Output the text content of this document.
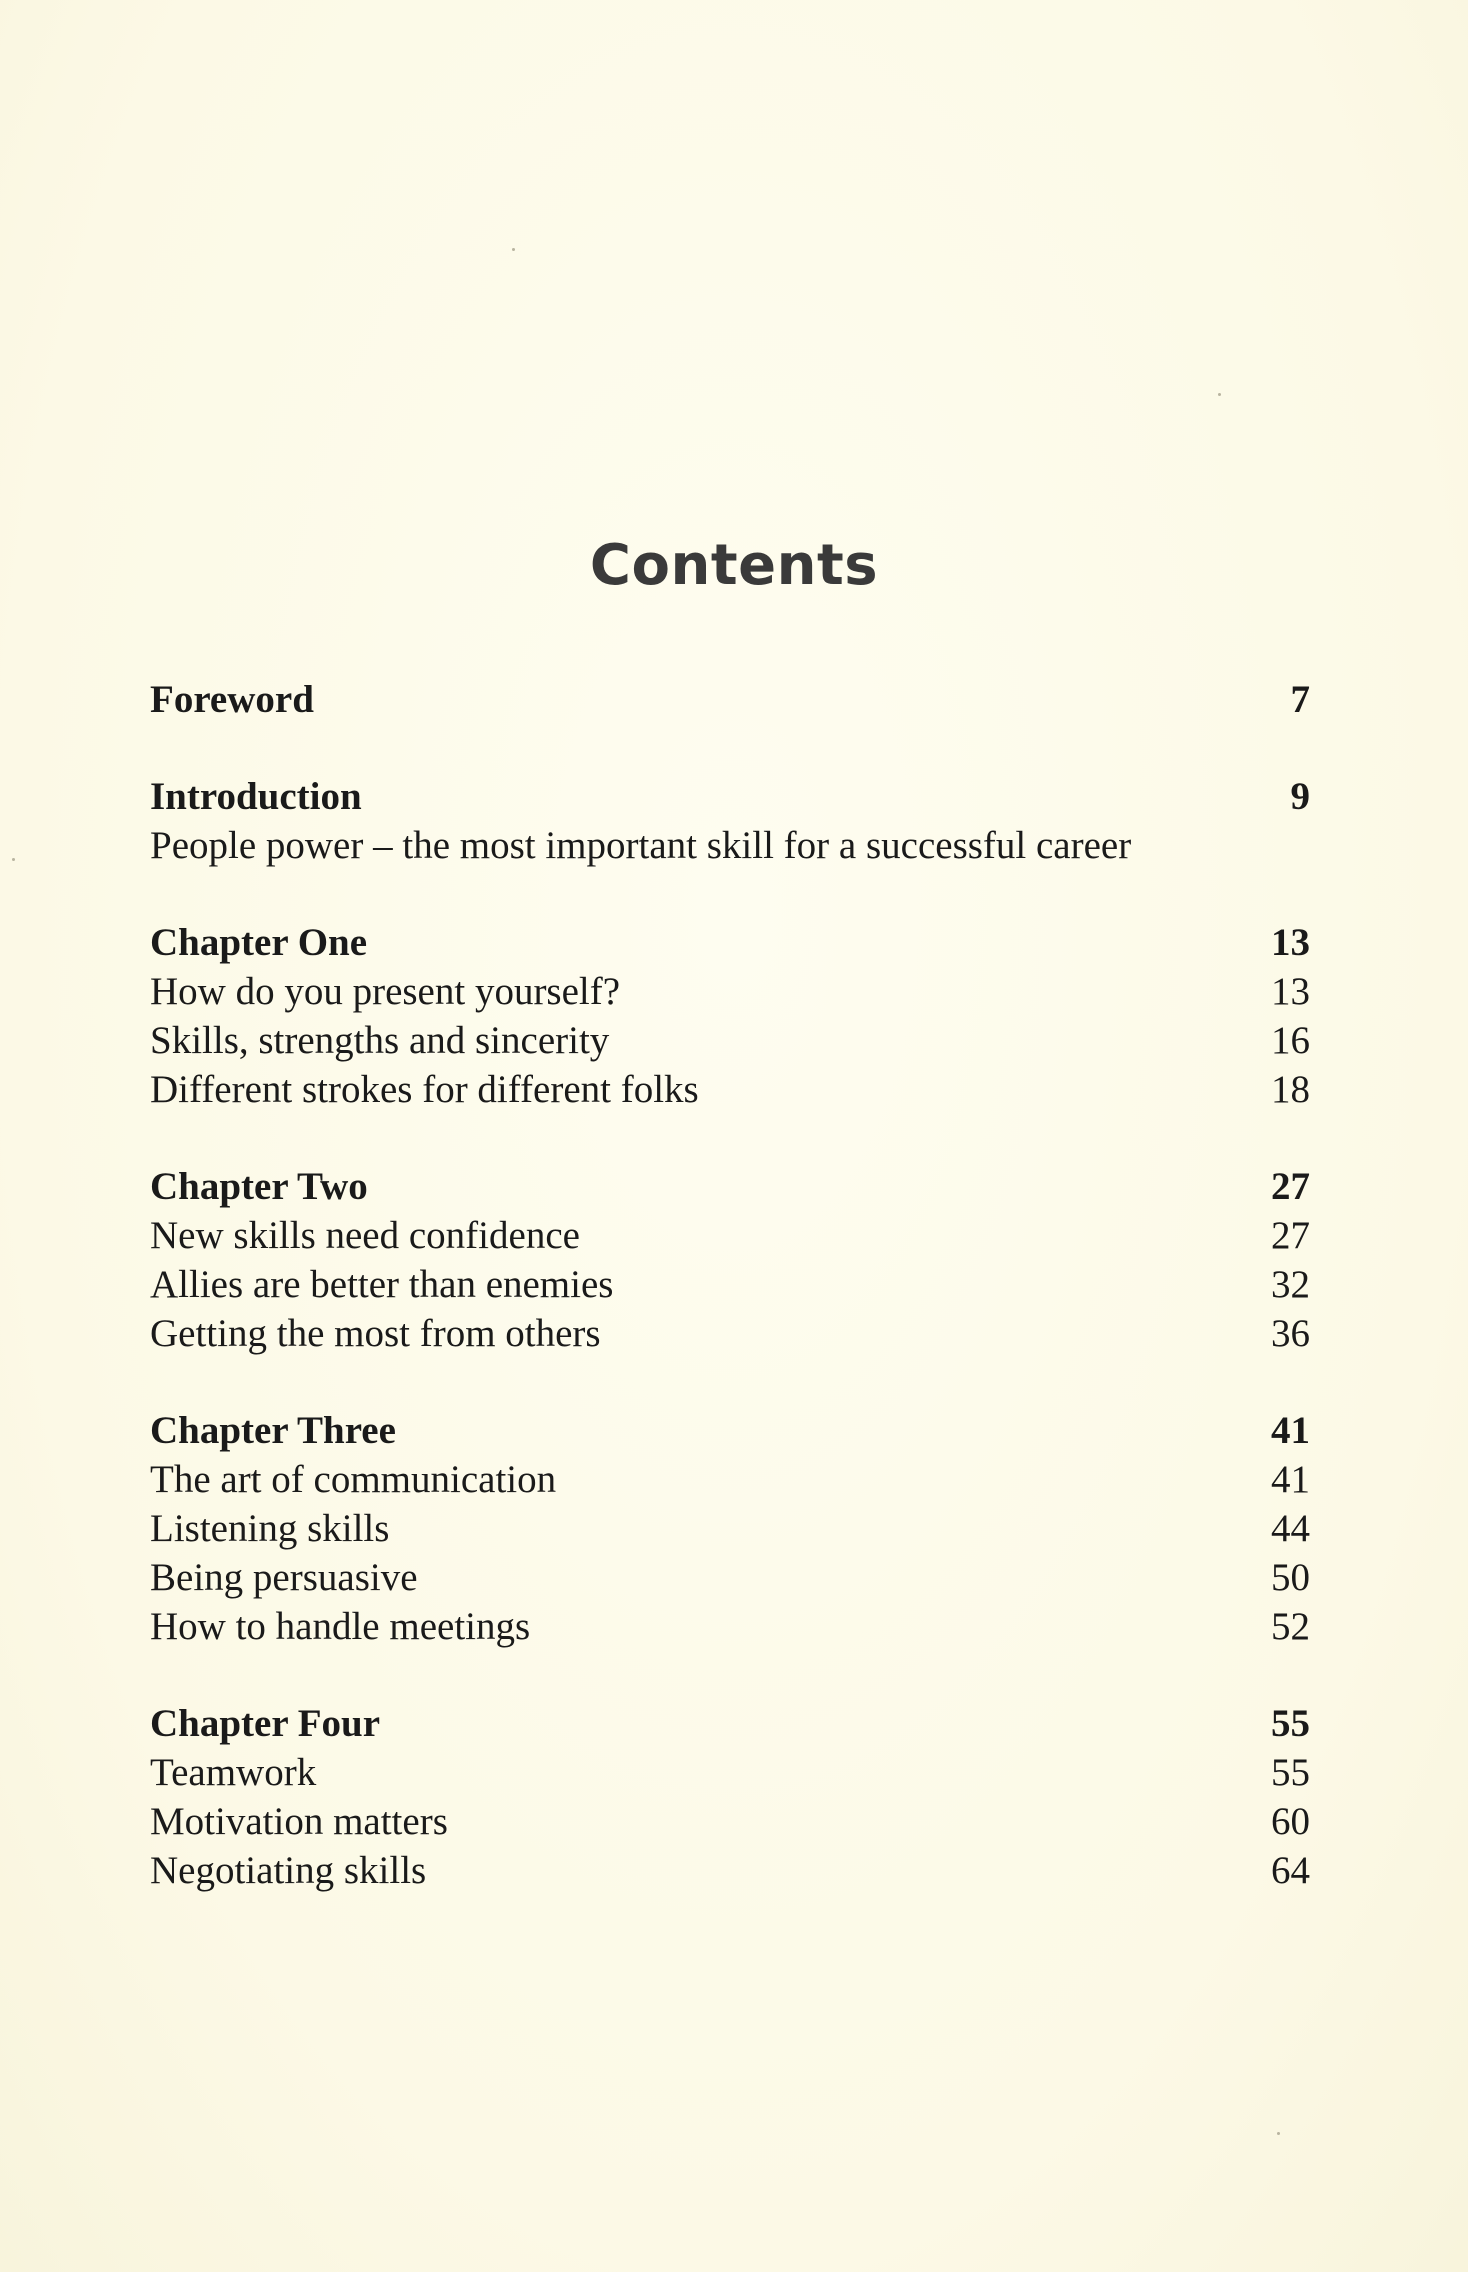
Contents
Foreword	7
Introduction	9
People power – the most important skill for a successful career
Chapter One	13
How do you present yourself?	13
Skills, strengths and sincerity	16
Different strokes for different folks	18
Chapter Two	27
New skills need confidence	27
Allies are better than enemies	32
Getting the most from others	36
Chapter Three	41
The art of communication	41
Listening skills	44
Being persuasive	50
How to handle meetings	52
Chapter Four	55
Teamwork	55
Motivation matters	60
Negotiating skills	64
